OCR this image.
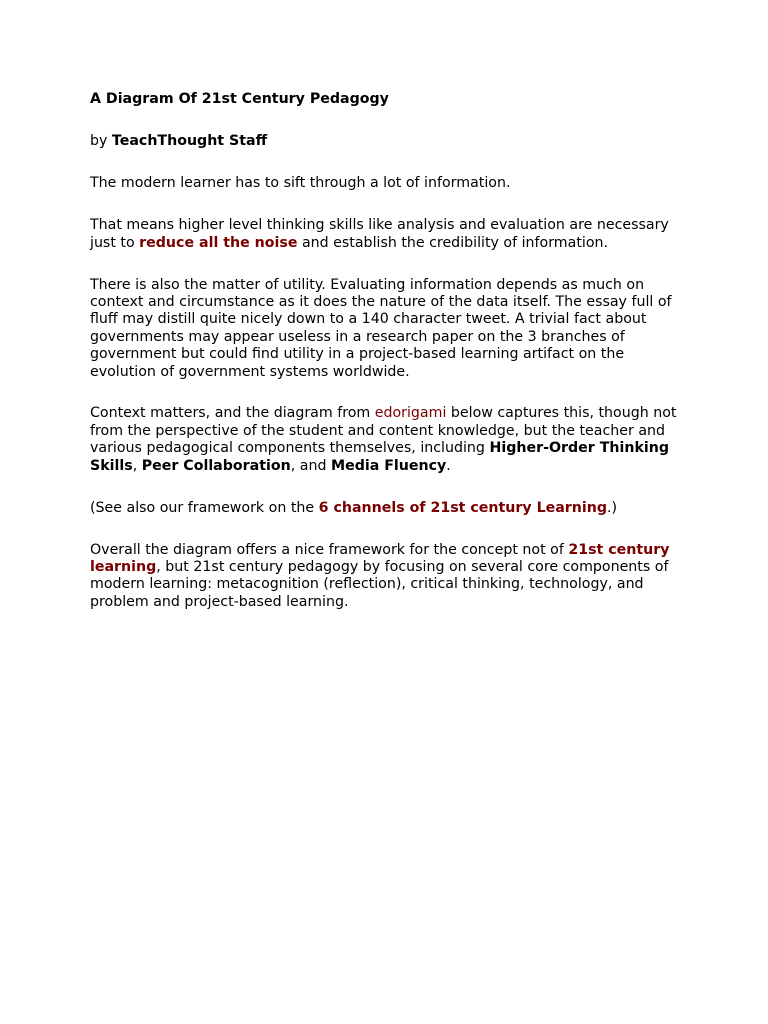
A Diagram Of 21st Century Pedagogy

by TeachThought Staff

The modern learner has to sift through a lot of information.

That means higher level thinking skills like analysis and evaluation are necessary just to reduce all the noise and establish the credibility of information.

There is also the matter of utility. Evaluating information depends as much on context and circumstance as it does the nature of the data itself. The essay full of fluff may distill quite nicely down to a 140 character tweet. A trivial fact about governments may appear useless in a research paper on the 3 branches of government but could find utility in a project-based learning artifact on the evolution of government systems worldwide.

Context matters, and the diagram from edorigami below captures this, though not from the perspective of the student and content knowledge, but the teacher and various pedagogical components themselves, including Higher-Order Thinking Skills, Peer Collaboration, and Media Fluency.

(See also our framework on the 6 channels of 21st century Learning.)

Overall the diagram offers a nice framework for the concept not of 21st century learning, but 21st century pedagogy by focusing on several core components of modern learning: metacognition (reflection), critical thinking, technology, and problem and project-based learning.
